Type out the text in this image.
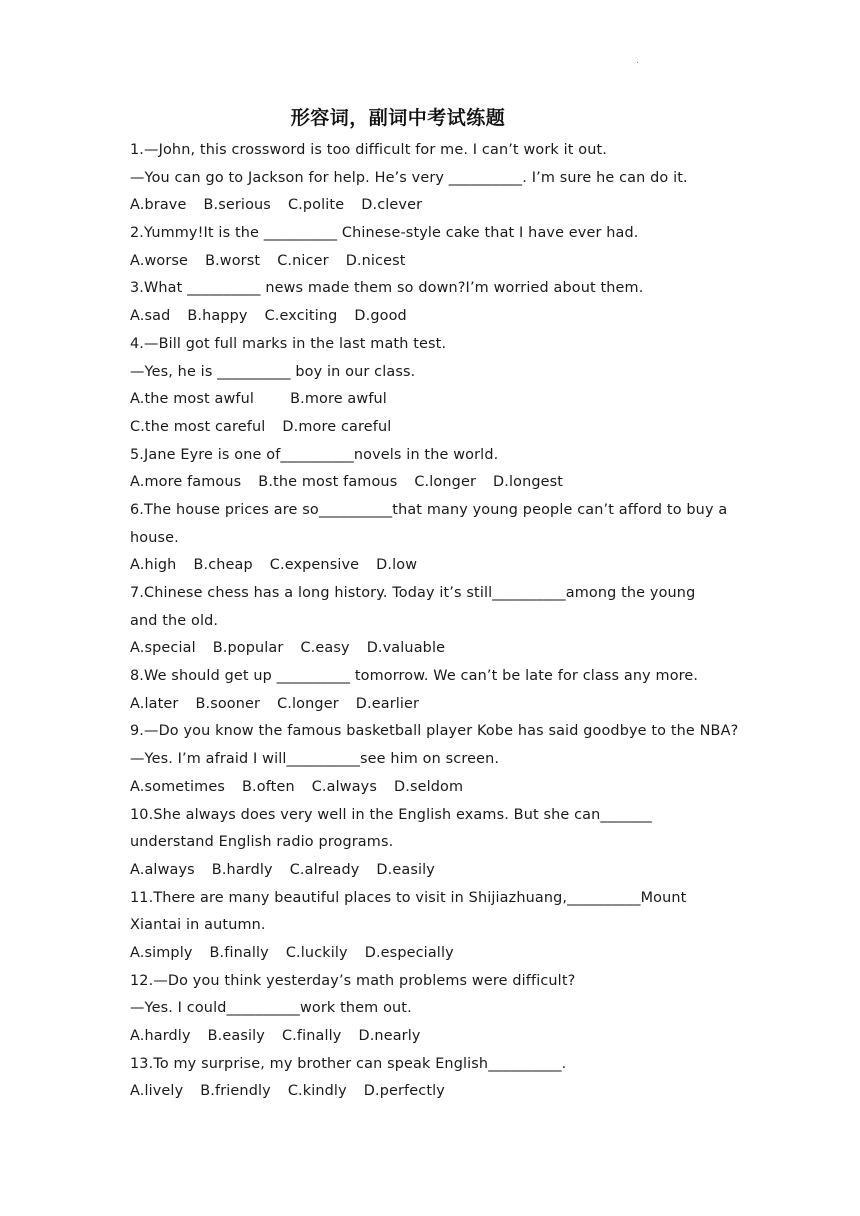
.
形容词，副词中考试练题
1.—John, this crossword is too difficult for me. I can’t work it out.
—You can go to Jackson for help. He’s very __________. I’m sure he can do it.
A.brave B.serious C.polite D.clever
2.Yummy!It is the __________ Chinese-style cake that I have ever had.
A.worse B.worst C.nicer D.nicest
3.What __________ news made them so down?I’m worried about them.
A.sad B.happy C.exciting D.good
4.—Bill got full marks in the last math test.
—Yes, he is __________ boy in our class.
A.the most awful	B.more awful
C.the most careful D.more careful
5.Jane Eyre is one of__________novels in the world.
A.more famous B.the most famous C.longer D.longest
6.The house prices are so__________that many young people can’t afford to buy a
house.
A.high B.cheap C.expensive D.low
7.Chinese chess has a long history. Today it’s still__________among the young
and the old.
A.special B.popular C.easy D.valuable
8.We should get up __________ tomorrow. We can’t be late for class any more.
A.later B.sooner C.longer D.earlier
9.—Do you know the famous basketball player Kobe has said goodbye to the NBA?
—Yes. I’m afraid I will__________see him on screen.
A.sometimes B.often C.always D.seldom
10.She always does very well in the English exams. But she can_______
understand English radio programs.
A.always B.hardly C.already D.easily
11.There are many beautiful places to visit in Shijiazhuang,__________Mount
Xiantai in autumn.
A.simply B.finally C.luckily D.especially
12.—Do you think yesterday’s math problems were difficult?
—Yes. I could__________work them out.
A.hardly B.easily C.finally D.nearly
13.To my surprise, my brother can speak English__________.
A.lively B.friendly C.kindly D.perfectly
